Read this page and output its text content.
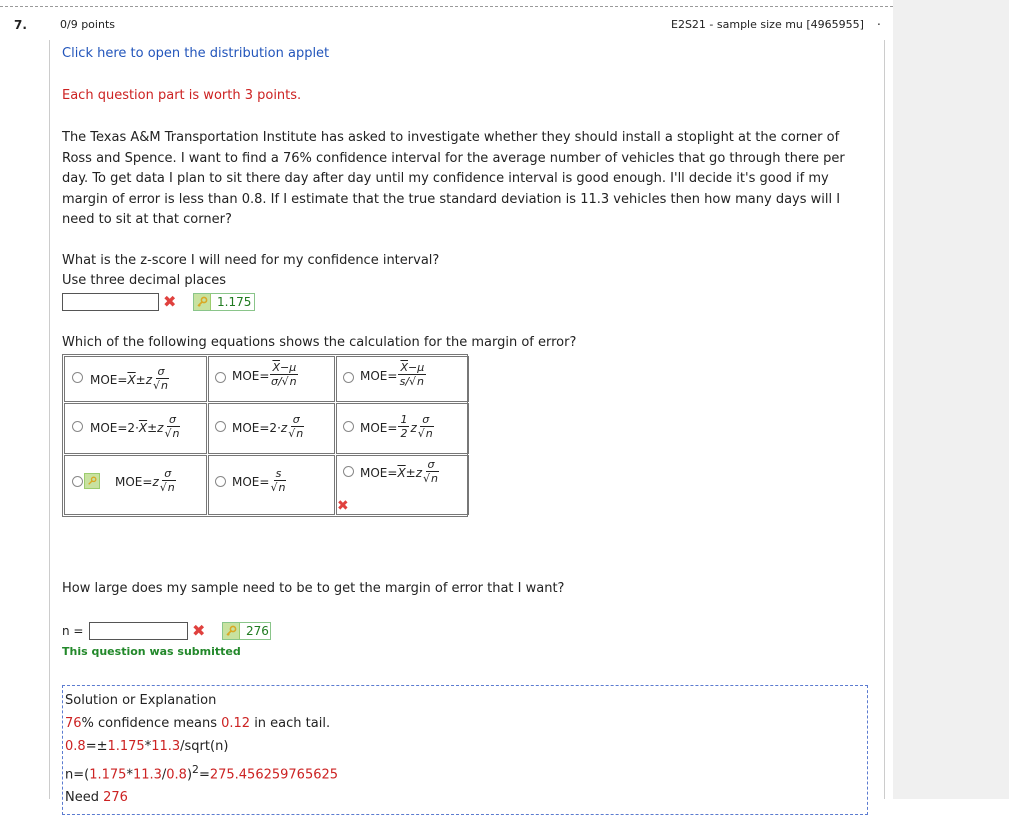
7.	0/9 points	E2S21 - sample size mu [4965955] .
Click here to open the distribution applet
Each question part is worth 3 points.
The Texas A&M Transportation Institute has asked to investigate whether they should install a stoplight at the corner of Ross and Spence. I want to find a 76% confidence interval for the average number of vehicles that go through there per day. To get data I plan to sit there day after day until my confidence interval is good enough. I'll decide it's good if my margin of error is less than 0.8. If I estimate that the true standard deviation is 11.3 vehicles then how many days will I need to sit at that corner?
What is the z-score I will need for my confidence interval?
Use three decimal places
✖	1.175
Which of the following equations shows the calculation for the margin of error?
$MOE= \overline{X} \pm z \frac{\sigma}{√n}$	$MOE= \frac{\overline{X}-\mu}{\sigma/√n}$	$MOE= \frac{\overline{X}-\mu}{s/√n}$
$MOE=2\cdot \overline{X} \pm z \frac{\sigma}{√n}$	MOE=2· z $\frac{\sigma}{√n}$	$MOE= \frac{1}{2}$ z $\frac{\sigma}{√n}$
MOE= z $\frac{\sigma}{√n}$	$MOE= \frac{s}{√n}$	$MOE= \overline{X} \pm z \frac{\sigma}{√n}$
✖
How large does my sample need to be to get the margin of error that I want?
n =	✖	276
This question was submitted
Solution or Explanation
76% confidence means 0.12 in each tail.
0.8=±1.175*11.3/sqrt(n)
$n=(1.175*11.3/0.8)^2=275.456259765625$
Need 276
